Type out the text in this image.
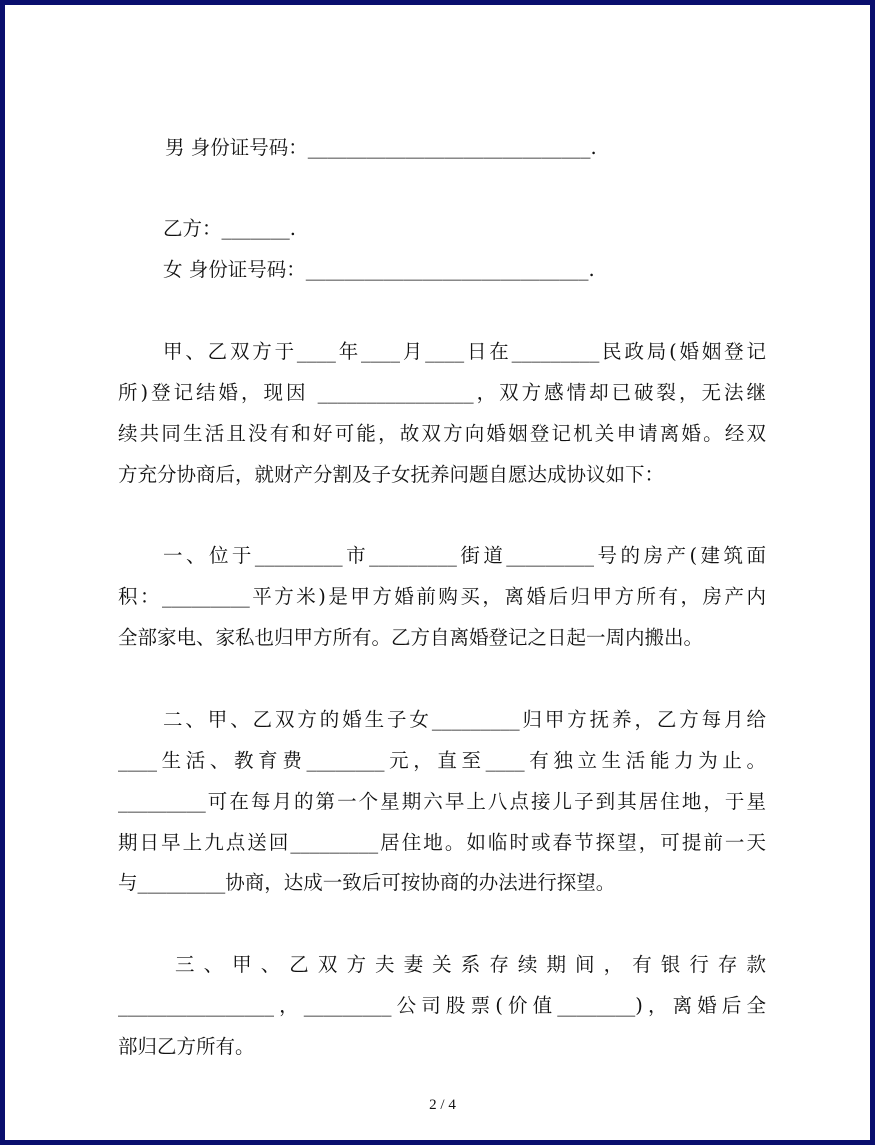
男 身份证号码：_____________________________.
乙方：_______.
女 身份证号码：_____________________________.
甲、乙双方于____年____月____日在_________民政局(婚姻登记
所)登记结婚，现因 ________________，双方感情却已破裂，无法继
续共同生活且没有和好可能，故双方向婚姻登记机关申请离婚。经双
方充分协商后，就财产分割及子女抚养问题自愿达成协议如下：
一、位于_________市_________街道_________号的房产(建筑面
积：_________平方米)是甲方婚前购买，离婚后归甲方所有，房产内
全部家电、家私也归甲方所有。乙方自离婚登记之日起一周内搬出。
二、甲、乙双方的婚生子女_________归甲方抚养，乙方每月给
____生活、教育费________元，直至____有独立生活能力为止。
_________可在每月的第一个星期六早上八点接儿子到其居住地，于星
期日早上九点送回_________居住地。如临时或春节探望，可提前一天
与_________协商，达成一致后可按协商的办法进行探望。
三、甲、乙双方夫妻关系存续期间，有银行存款
________________，_________公司股票(价值________)，离婚后全
部归乙方所有。
2 / 4
